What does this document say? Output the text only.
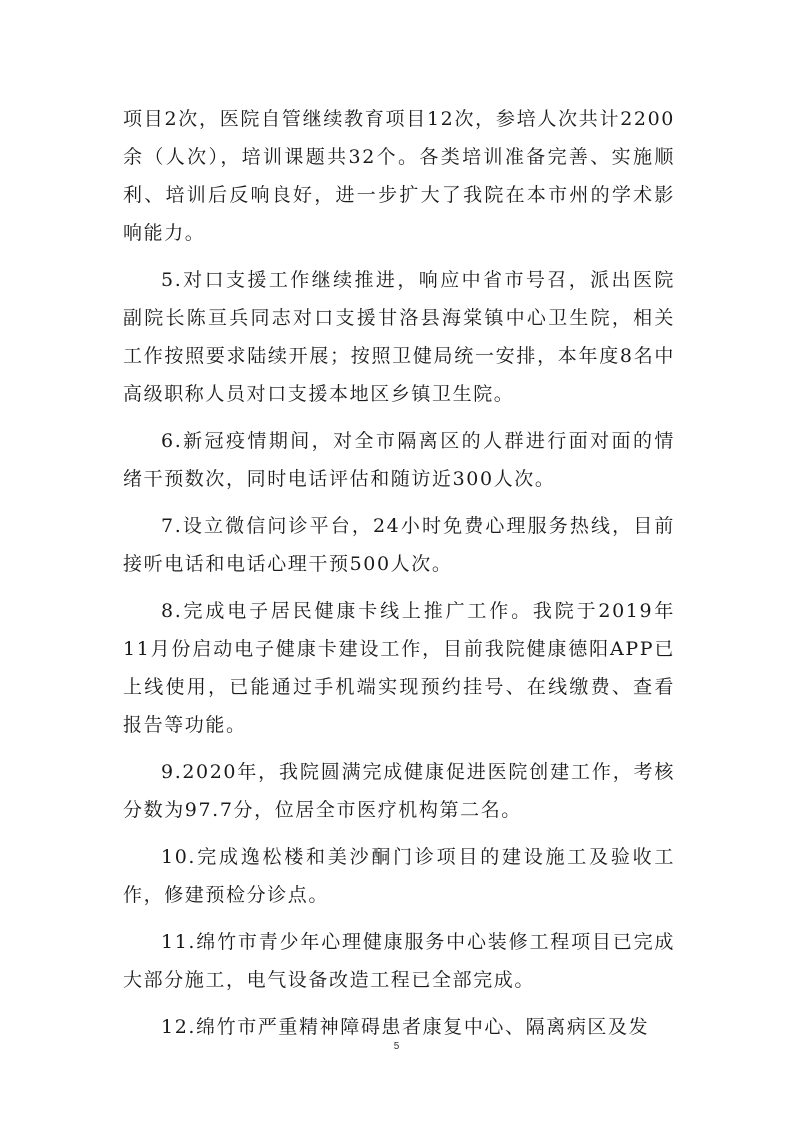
项目2次，医院自管继续教育项目12次，参培人次共计2200余（人次），培训课题共32个。各类培训准备完善、实施顺利、培训后反响良好，进一步扩大了我院在本市州的学术影响能力。

5.对口支援工作继续推进，响应中省市号召，派出医院副院长陈亘兵同志对口支援甘洛县海棠镇中心卫生院，相关工作按照要求陆续开展；按照卫健局统一安排，本年度8名中高级职称人员对口支援本地区乡镇卫生院。

6.新冠疫情期间，对全市隔离区的人群进行面对面的情绪干预数次，同时电话评估和随访近300人次。

7.设立微信问诊平台，24小时免费心理服务热线，目前接听电话和电话心理干预500人次。

8.完成电子居民健康卡线上推广工作。我院于2019年11月份启动电子健康卡建设工作，目前我院健康德阳APP已上线使用，已能通过手机端实现预约挂号、在线缴费、查看报告等功能。

9.2020年，我院圆满完成健康促进医院创建工作，考核分数为97.7分，位居全市医疗机构第二名。

10.完成逸松楼和美沙酮门诊项目的建设施工及验收工作，修建预检分诊点。

11.绵竹市青少年心理健康服务中心装修工程项目已完成大部分施工，电气设备改造工程已全部完成。

12.绵竹市严重精神障碍患者康复中心、隔离病区及发

5
